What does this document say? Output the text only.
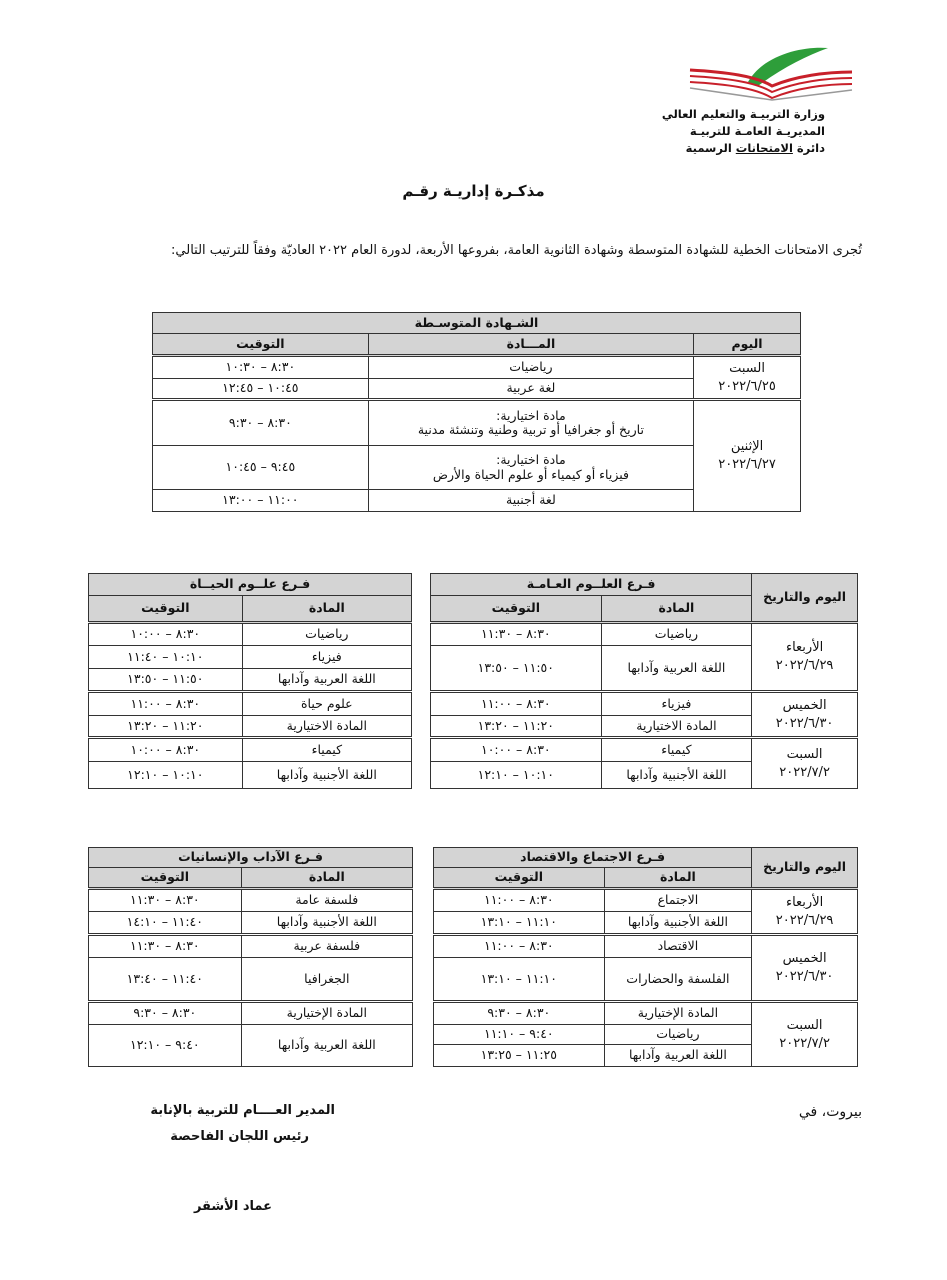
وزارة التربيـة والتعليم العالي
المديريـة العامـة للتربيـة
دائرة الامتحانات الرسمية
مذكـرة إداريـة رقـم
تُجرى الامتحانات الخطية للشهادة المتوسطة وشهادة الثانوية العامة، بفروعها الأربعة، لدورة العام ٢٠٢٢ العاديّة وفقاً للترتيب التالي:
الشـهادة المتوسـطة		
اليوم	المـــادة	التوقيت
السبت
٢٠٢٢/٦/٢٥	رياضيات	٨:٣٠ – ١٠:٣٠
	لغة عربية	١٠:٤٥ – ١٢:٤٥
الإثنين
٢٠٢٢/٦/٢٧	مادة اختيارية:
تاريخ أو جغرافيا أو تربية وطنية وتنشئة مدنية	٨:٣٠ – ٩:٣٠
	مادة اختيارية:
فيزياء أو كيمياء أو علوم الحياة والأرض	٩:٤٥ – ١٠:٤٥
	لغة أجنبية	١١:٠٠ – ١٣:٠٠
اليوم والتاريخ	فـرع العلــوم العـامـة	
	المادة	التوقيت
الأربعاء
٢٠٢٢/٦/٢٩	رياضيات	٨:٣٠ – ١١:٣٠
	اللغة العربية وآدابها	١١:٥٠ – ١٣:٥٠
الخميس
٢٠٢٢/٦/٣٠	فيزياء	٨:٣٠ – ١١:٠٠
	المادة الاختيارية	١١:٢٠ – ١٣:٢٠
السبت
٢٠٢٢/٧/٢	كيمياء	٨:٣٠ – ١٠:٠٠
	اللغة الأجنبية وآدابها	١٠:١٠ – ١٢:١٠
فـرع علــوم الحيــاة	
المادة	التوقيت
رياضيات	٨:٣٠ – ١٠:٠٠
فيزياء	١٠:١٠ – ١١:٤٠
اللغة العربية وآدابها	١١:٥٠ – ١٣:٥٠
علوم حياة	٨:٣٠ – ١١:٠٠
المادة الاختيارية	١١:٢٠ – ١٣:٢٠
كيمياء	٨:٣٠ – ١٠:٠٠
اللغة الأجنبية وآدابها	١٠:١٠ – ١٢:١٠
اليوم والتاريخ	فـرع الاجتماع والاقتصاد	
	المادة	التوقيت
الأربعاء
٢٠٢٢/٦/٢٩	الاجتماع	٨:٣٠ – ١١:٠٠
	اللغة الأجنبية وآدابها	١١:١٠ – ١٣:١٠
الخميس
٢٠٢٢/٦/٣٠	الاقتصاد	٨:٣٠ – ١١:٠٠
	الفلسفة والحضارات	١١:١٠ – ١٣:١٠
السبت
٢٠٢٢/٧/٢	المادة الإختيارية	٨:٣٠ – ٩:٣٠
	رياضيات	٩:٤٠ – ١١:١٠
	اللغة العربية وآدابها	١١:٢٥ – ١٣:٢٥
فـرع الآداب والإنسانيات	
المادة	التوقيت
فلسفة عامة	٨:٣٠ – ١١:٣٠
اللغة الأجنبية وآدابها	١١:٤٠ – ١٤:١٠
فلسفة عربية	٨:٣٠ – ١١:٣٠
الجغرافيا	١١:٤٠ – ١٣:٤٠
المادة الإختيارية	٨:٣٠ – ٩:٣٠
اللغة العربية وآدابها	٩:٤٠ – ١٢:١٠
بيروت، في
المدير العــــام للتربية بالإنابة
رئيس اللجان الفاحصة
عماد الأشقر
